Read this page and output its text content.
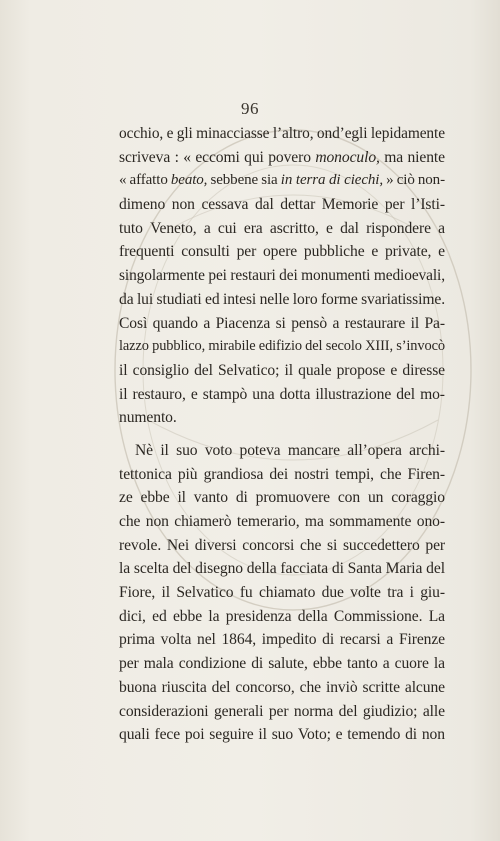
96
occhio, e gli minacciasse l’altro, ond’egli lepidamente
scriveva : « eccomi qui povero monoculo, ma niente
« affatto beato, sebbene sia in terra di ciechi, » ciò non-
dimeno non cessava dal dettar Memorie per l’Isti-
tuto Veneto, a cui era ascritto, e dal rispondere a
frequenti consulti per opere pubbliche e private, e
singolarmente pei restauri dei monumenti medioevali,
da lui studiati ed intesi nelle loro forme svariatissime.
Così quando a Piacenza si pensò a restaurare il Pa-
lazzo pubblico, mirabile edifizio del secolo XIII, s’invocò
il consiglio del Selvatico; il quale propose e diresse
il restauro, e stampò una dotta illustrazione del mo-
numento.
Nè il suo voto poteva mancare all’opera archi-
tettonica più grandiosa dei nostri tempi, che Firen-
ze ebbe il vanto di promuovere con un coraggio
che non chiamerò temerario, ma sommamente ono-
revole. Nei diversi concorsi che si succedettero per
la scelta del disegno della facciata di Santa Maria del
Fiore, il Selvatico fu chiamato due volte tra i giu-
dici, ed ebbe la presidenza della Commissione. La
prima volta nel 1864, impedito di recarsi a Firenze
per mala condizione di salute, ebbe tanto a cuore la
buona riuscita del concorso, che inviò scritte alcune
considerazioni generali per norma del giudizio; alle
quali fece poi seguire il suo Voto; e temendo di non
